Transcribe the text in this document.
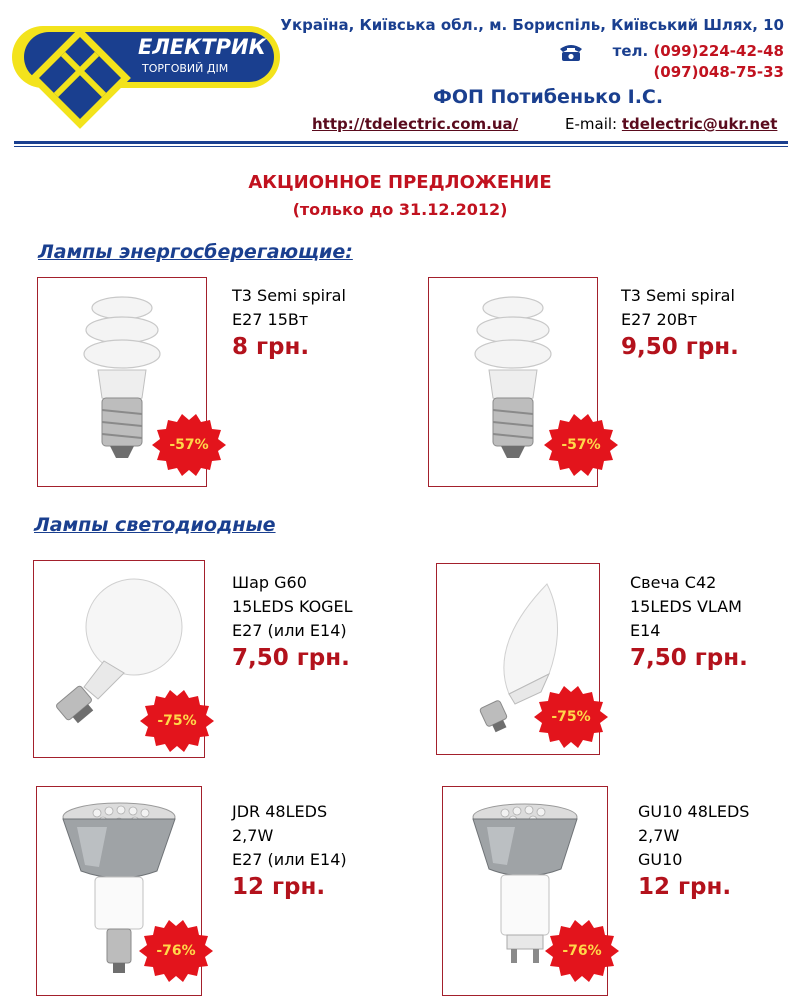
ЕЛЕКТРИК
ТОРГОВИЙ ДІМ
Україна, Київська обл., м. Бориспіль, Київський Шлях, 10
тел. (099)224-42-48
(097)048-75-33
ФОП Потибенько І.С.
http://tdelectric.com.ua/	E-mail: tdelectric@ukr.net
АКЦИОННОЕ ПРЕДЛОЖЕНИЕ
(только до 31.12.2012)
Лампы энергосберегающие:
Лампы светодиодные
-57%
T3 Semi spiral
E27 15Вт
8 грн.
-57%
T3 Semi spiral
E27 20Вт
9,50 грн.
-75%
Шар G60
15LEDS KOGEL
E27 (или E14)
7,50 грн.
-75%
Свеча С42
15LEDS VLAM
E14
7,50 грн.
-76%
JDR 48LEDS
2,7W
E27 (или E14)
12 грн.
-76%
GU10 48LEDS
2,7W
GU10
12 грн.
